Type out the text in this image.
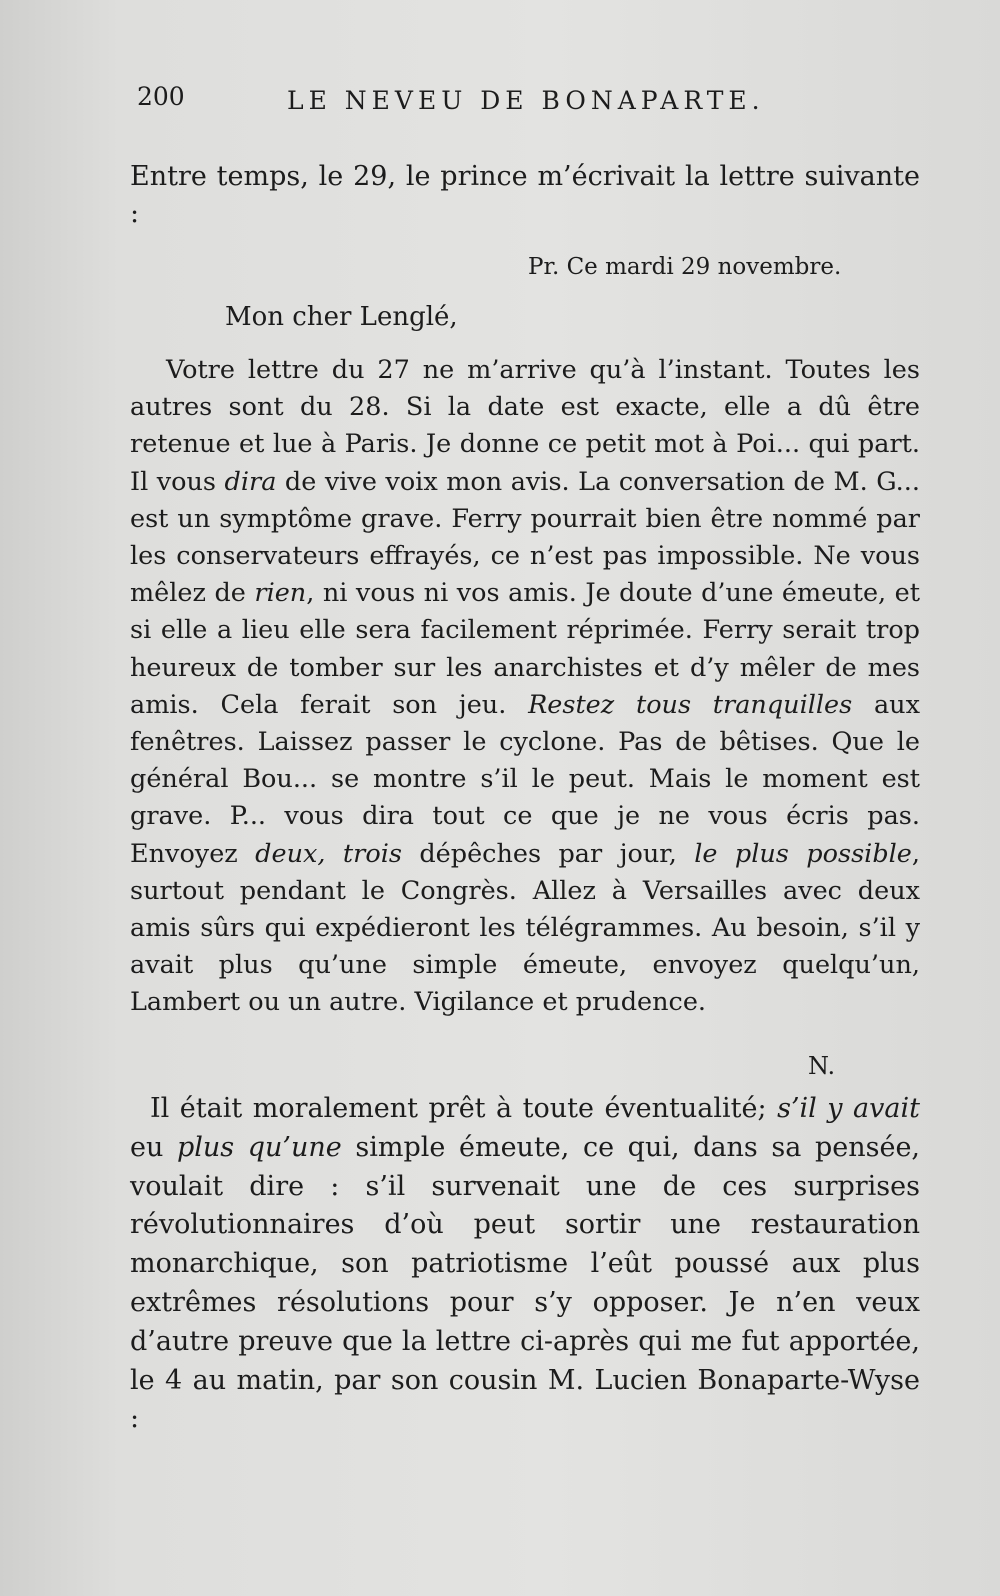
200	LE NEVEU DE BONAPARTE.
Entre temps, le 29, le prince m’écrivait la lettre suivante :
Pr. Ce mardi 29 novembre.
Mon cher Lenglé,
Votre lettre du 27 ne m’arrive qu’à l’instant. Toutes les autres sont du 28. Si la date est exacte, elle a dû être retenue et lue à Paris. Je donne ce petit mot à Poi... qui part. Il vous dira de vive voix mon avis. La conversation de M. G... est un symptôme grave. Ferry pourrait bien être nommé par les conservateurs effrayés, ce n’est pas impossible. Ne vous mêlez de rien, ni vous ni vos amis. Je doute d’une émeute, et si elle a lieu elle sera facilement réprimée. Ferry serait trop heureux de tomber sur les anarchistes et d’y mêler de mes amis. Cela ferait son jeu. Restez tous tranquilles aux fenêtres. Laissez passer le cyclone. Pas de bêtises. Que le général Bou... se montre s’il le peut. Mais le moment est grave. P... vous dira tout ce que je ne vous écris pas. Envoyez deux, trois dépêches par jour, le plus possible, surtout pendant le Congrès. Allez à Versailles avec deux amis sûrs qui expédieront les télégrammes. Au besoin, s’il y avait plus qu’une simple émeute, envoyez quelqu’un, Lambert ou un autre. Vigilance et prudence.
N.
Il était moralement prêt à toute éventualité; s’il y avait eu plus qu’une simple émeute, ce qui, dans sa pensée, voulait dire : s’il survenait une de ces surprises révolutionnaires d’où peut sortir une restauration monarchique, son patriotisme l’eût poussé aux plus extrêmes résolutions pour s’y opposer. Je n’en veux d’autre preuve que la lettre ci-après qui me fut apportée, le 4 au matin, par son cousin M. Lucien Bonaparte-Wyse :
